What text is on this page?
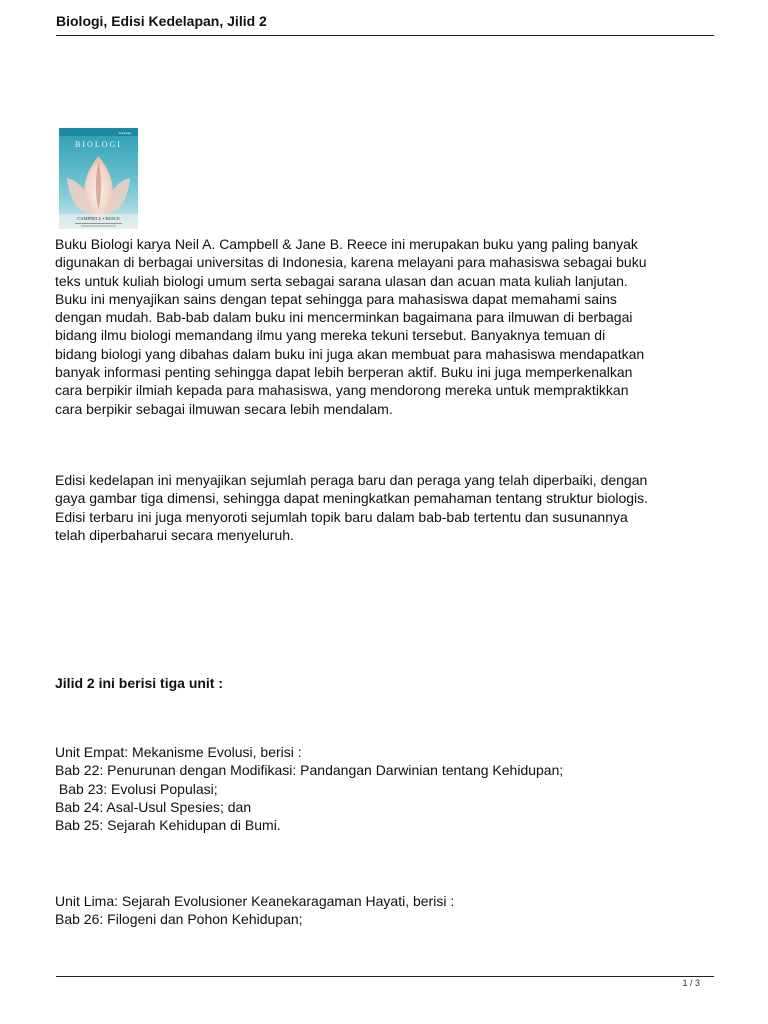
Biologi, Edisi Kedelapan, Jilid 2
●●●●●●●
BIOLOGI
CAMPBELL • REECE

Buku Biologi karya Neil A. Campbell & Jane B. Reece ini merupakan buku yang paling banyak

digunakan di berbagai universitas di Indonesia, karena melayani para mahasiswa sebagai buku

teks untuk kuliah biologi umum serta sebagai sarana ulasan dan acuan mata kuliah lanjutan.

Buku ini menyajikan sains dengan tepat sehingga para mahasiswa dapat memahami sains

dengan mudah. Bab-bab dalam buku ini mencerminkan bagaimana para ilmuwan di berbagai

bidang ilmu biologi memandang ilmu yang mereka tekuni tersebut. Banyaknya temuan di

bidang biologi yang dibahas dalam buku ini juga akan membuat para mahasiswa mendapatkan

banyak informasi penting sehingga dapat lebih berperan aktif. Buku ini juga memperkenalkan

cara berpikir ilmiah kepada para mahasiswa, yang mendorong mereka untuk mempraktikkan

cara berpikir sebagai ilmuwan secara lebih mendalam.

Edisi kedelapan ini menyajikan sejumlah peraga baru dan peraga yang telah diperbaiki, dengan

gaya gambar tiga dimensi, sehingga dapat meningkatkan pemahaman tentang struktur biologis.

Edisi terbaru ini juga menyoroti sejumlah topik baru dalam bab-bab tertentu dan susunannya

telah diperbaharui secara menyeluruh.

Jilid 2 ini berisi tiga unit :

Unit Empat: Mekanisme Evolusi, berisi :

Bab 22: Penurunan dengan Modifikasi: Pandangan Darwinian tentang Kehidupan;

Bab 23: Evolusi Populasi;

Bab 24: Asal-Usul Spesies; dan

Bab 25: Sejarah Kehidupan di Bumi.

Unit Lima: Sejarah Evolusioner Keanekaragaman Hayati, berisi :

Bab 26: Filogeni dan Pohon Kehidupan;

1 / 3
